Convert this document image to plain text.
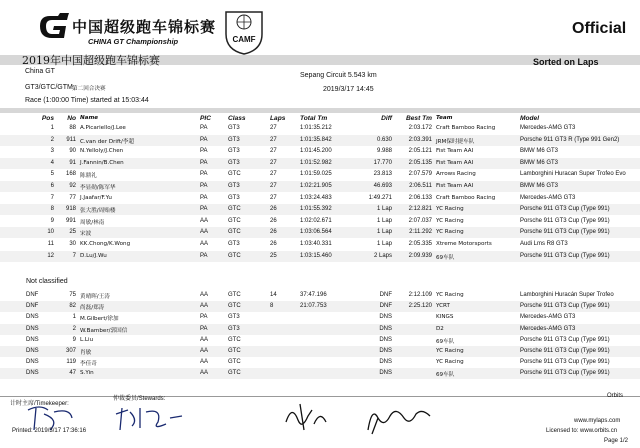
中国超级跑车锦标赛
CHINA GT Championship	CAMF
Official
2019年中国超级跑车锦标赛	Sorted on Laps
China GT
Sepang Circuit 5.543 km
GT3/GTC/GTM 第二回合决赛	2019/3/17 14:45
Race (1:00:00 Time) started at 15:03:44
Pos	No Name	PIC	Class	Laps	Total Tm	Diff	Best Tm Team	Model
1	88 A.Picariello/J.Lee	PA	GT3	27	1:01:35.212	2:03.172 Craft Bamboo Racing	Mercedes-AMG GT3
2	911 C.van der Drift/李超	PA	GT3	27	1:01:35.842	0.630	2:03.391 JRM保时捷车队	Porsche 911 GT3 R (Type 991 Gen2)
3	90 N.Yelloly/J.Chen	PA	GT3	27	1:01:45.200	9.988	2:05.121 Fist Team AAI	BMW M6 GT3
4	91 J.Fannin/B.Chen	PA	GT3	27	1:01:52.982	17.770	2:05.135 Fist Team AAI	BMW M6 GT3
5	168 陈鼎礼	PA	GTC	27	1:01:59.025	23.813	2:07.579 Arrows Racing	Lamborghini Huracan Super Trofeo Evo
6	92 李显勋/陈军华	PA	GT3	27	1:02:21.905	46.693	2:06.511 Fist Team AAI	BMW M6 GT3
7	77 J.Jaafar/F.Yu	PA	GT3	27	1:03:24.483	1:49.271	2:06.133 Craft Bamboo Racing	Mercedes-AMG GT3
8	918 张大胜/周贻楼	PA	GTC	26	1:01:55.392	1 Lap	2:12.821 YC Racing	Porsche 911 GT3 Cup (Type 991)
9	991 周敏/林南	AA	GTC	26	1:02:02.671	1 Lap	2:07.037 YC Racing	Porsche 911 GT3 Cup (Type 991)
10	25 宋波	AA	GTC	26	1:03:06.564	1 Lap	2:11.292 YC Racing	Porsche 911 GT3 Cup (Type 991)
11	30 KK.Chong/K.Wong	AA	GT3	26	1:03:40.331	1 Lap	2:05.335 Xtreme Motorsports	Audi Lms R8 GT3
12	7 D.Lu/J.Wu	PA	GTC	25	1:03:15.460	2 Laps	2:09.939 69车队	Porsche 911 GT3 Cup (Type 991)
Not classified
DNF	75 黄晴晖/王涛	AA	GTC	14	37:47.196	DNF	2:12.109 YC Racing	Lamborghini Huracán Super Trofeo
DNF	82 尚磊/郑涛	AA	GTC	8	21:07.753	DNF	2:25.120 YCRT	Porsche 911 GT3 Cup (Type 991)
DNS	1 M.Gilbert/徐加	PA	GT3	DNS	KINGS	Mercedes-AMG GT3
DNS	2 W.Bamber/郭国信	PA	GT3	DNS	D2	Mercedes-AMG GT3
DNS	9 L.Liu	AA	GTC	DNS	69车队	Porsche 911 GT3 Cup (Type 991)
DNS	307 肖敏	AA	GTC	DNS	YC Racing	Porsche 911 GT3 Cup (Type 991)
DNS	119 李佳奇	AA	GTC	DNS	YC Racing	Porsche 911 GT3 Cup (Type 991)
DNS	47 S.Yin	AA	GTC	DNS	69车队	Porsche 911 GT3 Cup (Type 991)
计时主席/Timekeeper:
仲裁委员/Stewards:	Orbits
Printed: 2019/3/17 17:36:16
www.mylaps.com
Licensed to: www.orbits.cn
Page 1/2
